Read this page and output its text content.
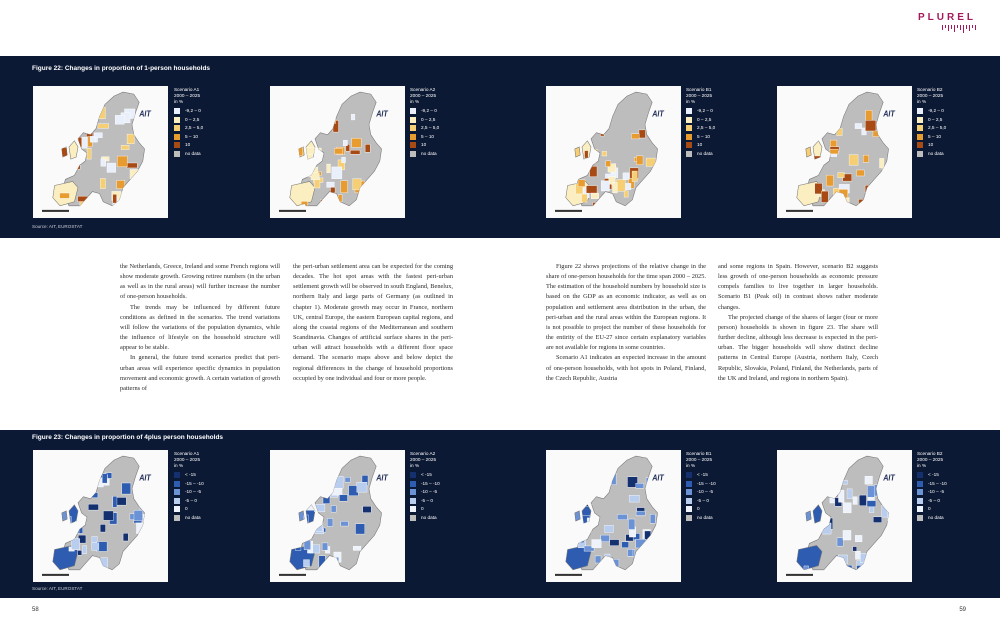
PLUREL
Figure 22: Changes in proportion of 1-person households
Source: AIT, EUROSTAT
Figure 23: Changes in proportion of 4plus person households
Source: AIT, EUROSTAT
AIT
Scenario A1
2000 – 2025
in %
-9,2 – 0
0 – 2,5
2,5 – 5,0
5 – 10
10
no data
AIT
Scenario A2
2000 – 2025
in %
-9,2 – 0
0 – 2,5
2,5 – 5,0
5 – 10
10
no data
AIT
Scenario B1
2000 – 2025
in %
-9,2 – 0
0 – 2,5
2,5 – 5,0
5 – 10
10
no data
AIT
Scenario B2
2000 – 2025
in %
-9,2 – 0
0 – 2,5
2,5 – 5,0
5 – 10
10
no data
AIT
Scenario A1
2000 – 2025
in %
< -15
-15 – -10
-10 – -5
-5 – 0
0
no data
AIT
Scenario A2
2000 – 2025
in %
< -15
-15 – -10
-10 – -5
-5 – 0
0
no data
AIT
Scenario B1
2000 – 2025
in %
< -15
-15 – -10
-10 – -5
-5 – 0
0
no data
AIT
Scenario B2
2000 – 2025
in %
< -15
-15 – -10
-10 – -5
-5 – 0
0
no data

the Netherlands, Greece, Ireland and some French regions will show moderate growth. Growing retiree numbers (in the urban as well as in the rural areas) will further increase the number of one-person households.

The trends may be influenced by different future conditions as defined in the scenarios. The trend variations will follow the variations of the population dynamics, while the influence of lifestyle on the household structure will appear to be stable.

In general, the future trend scenarios predict that peri-urban areas will experience specific dynamics in population movement and economic growth. A certain variation of growth patterns of

the peri-urban settlement area can be expected for the coming decades. The hot spot areas with the fastest peri-urban settlement growth will be observed in south England, Benelux, northern Italy and large parts of Germany (as outlined in chapter 1). Moderate growth may occur in France, northern UK, central Europe, the eastern European capital regions, and along the coastal regions of the Mediterranean and southern Scandinavia. Changes of artificial surface shares in the peri-urban will attract households with a different floor space demand. The scenario maps above and below depict the regional differences in the change of household proportions occupied by one individual and four or more people.

Figure 22 shows projections of the relative change in the share of one-person households for the time span 2000 – 2025. The estimation of the household numbers by household size is based on the GDP as an economic indicator, as well as on population and settlement area distribution in the urban, the peri-urban and the rural areas within the European regions. It is not possible to project the number of these households for the entirity of the EU-27 since certain explanatory variables are not available for regions in some countries.

Scenario A1 indicates an expected increase in the amount of one-person households, with hot spots in Poland, Finland, the Czech Republic, Austria

and some regions in Spain. However, scenario B2 suggests less growth of one-person households as economic pressure compels families to live together in larger households. Scenario B1 (Peak oil) in contrast shows rather moderate changes.

The projected change of the shares of larger (four or more person) households is shown in figure 23. The share will further decline, although less decrease is expected in the peri-urban. The bigger households will show distinct decline patterns in Central Europe (Austria, northern Italy, Czech Republic, Slovakia, Poland, Finland, the Netherlands, parts of the UK and Ireland, and regions in northern Spain).

58	59
